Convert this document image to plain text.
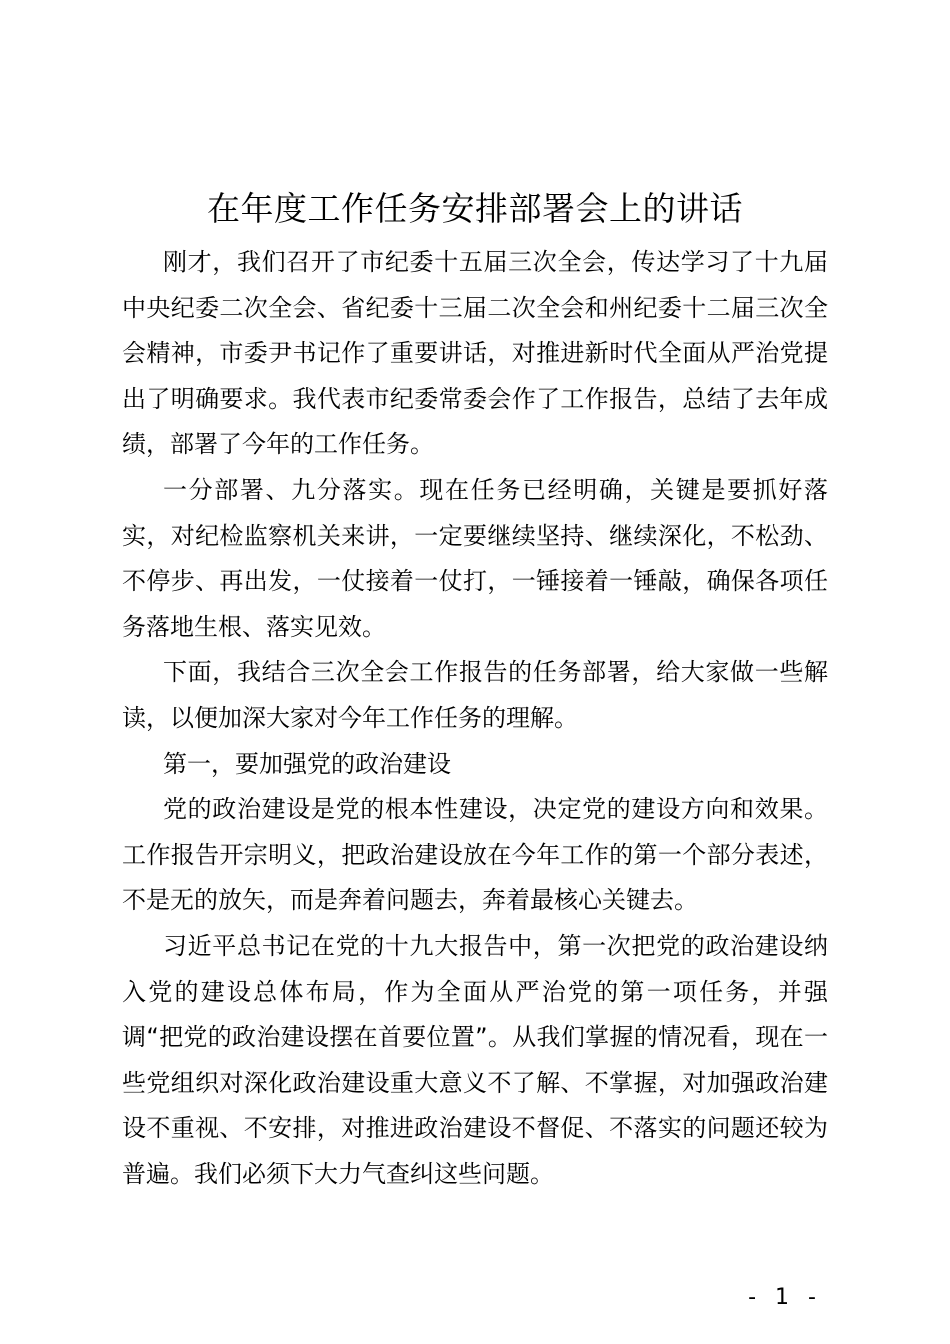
在年度工作任务安排部署会上的讲话

刚才，我们召开了市纪委十五届三次全会，传达学习了十九届中央纪委二次全会、省纪委十三届二次全会和州纪委十二届三次全会精神，市委尹书记作了重要讲话，对推进新时代全面从严治党提出了明确要求。我代表市纪委常委会作了工作报告，总结了去年成绩，部署了今年的工作任务。

一分部署、九分落实。现在任务已经明确，关键是要抓好落实，对纪检监察机关来讲，一定要继续坚持、继续深化，不松劲、不停步、再出发，一仗接着一仗打，一锤接着一锤敲，确保各项任务落地生根、落实见效。

下面，我结合三次全会工作报告的任务部署，给大家做一些解读，以便加深大家对今年工作任务的理解。

第一，要加强党的政治建设

党的政治建设是党的根本性建设，决定党的建设方向和效果。工作报告开宗明义，把政治建设放在今年工作的第一个部分表述，不是无的放矢，而是奔着问题去，奔着最核心关键去。

习近平总书记在党的十九大报告中，第一次把党的政治建设纳入党的建设总体布局，作为全面从严治党的第一项任务，并强调“把党的政治建设摆在首要位置”。从我们掌握的情况看，现在一些党组织对深化政治建设重大意义不了解、不掌握，对加强政治建设不重视、不安排，对推进政治建设不督促、不落实的问题还较为普遍。我们必须下大力气查纠这些问题。

- 1 -
